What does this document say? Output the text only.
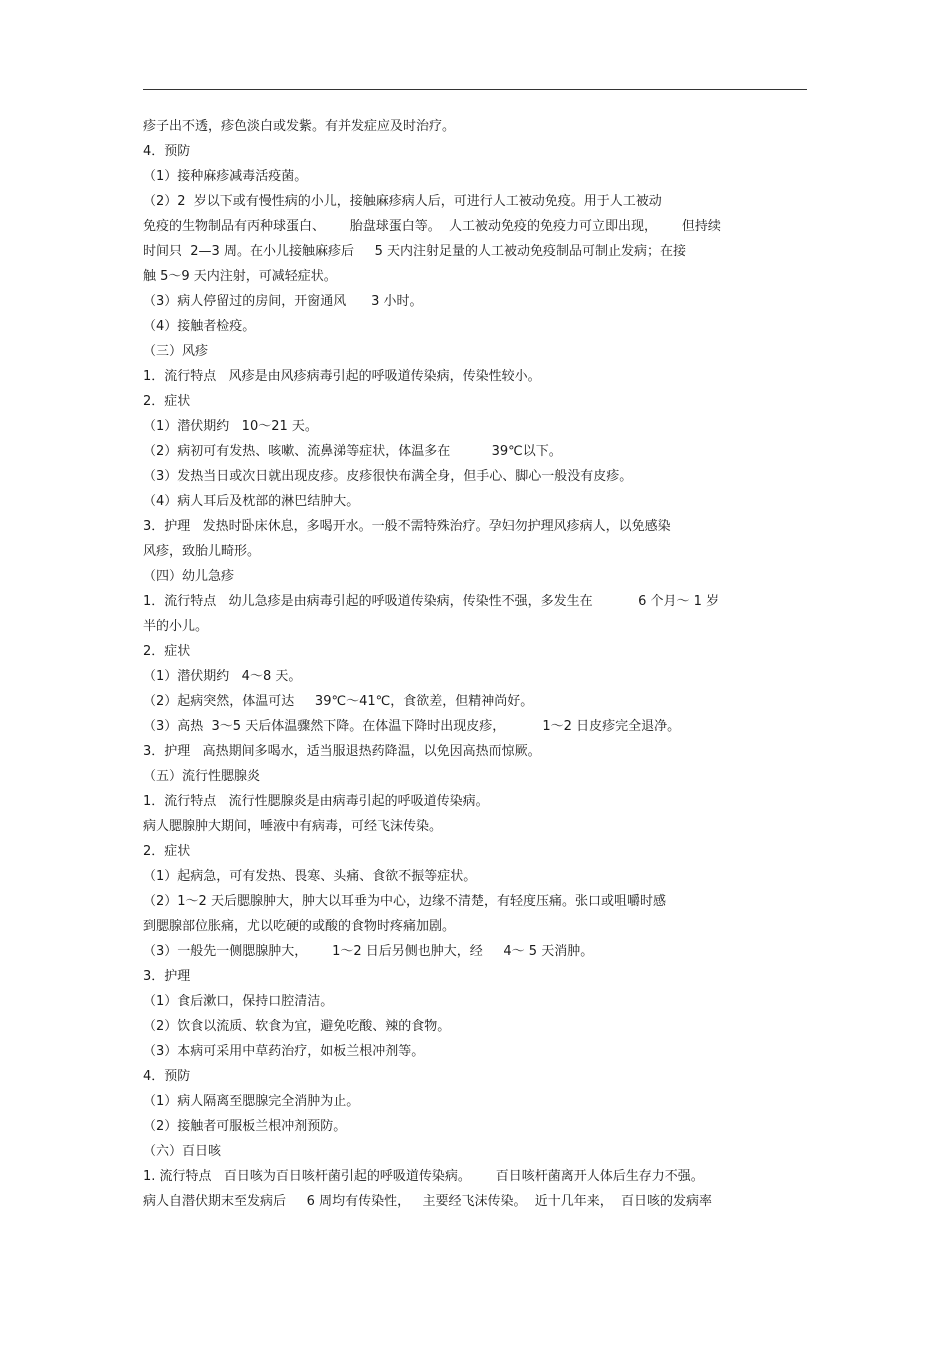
疹子出不透，疹色淡白或发紫。有并发症应及时治疗。
4．预防
（1）接种麻疹减毒活疫菌。
（2）2  岁以下或有慢性病的小儿，接触麻疹病人后，可进行人工被动免疫。用于人工被动
免疫的生物制品有丙种球蛋白、      胎盘球蛋白等。  人工被动免疫的免疫力可立即出现，      但持续
时间只  2—3 周。在小儿接触麻疹后     5 天内注射足量的人工被动免疫制品可制止发病；在接
触 5～9 天内注射，可减轻症状。
（3）病人停留过的房间，开窗通风      3 小时。
（4）接触者检疫。
（三）风疹
1．流行特点   风疹是由风疹病毒引起的呼吸道传染病，传染性较小。
2．症状
（1）潜伏期约   10～21 天。
（2）病初可有发热、咳嗽、流鼻涕等症状，体温多在          39℃以下。
（3）发热当日或次日就出现皮疹。皮疹很快布满全身，但手心、脚心一般没有皮疹。
（4）病人耳后及枕部的淋巴结肿大。
3．护理   发热时卧床休息，多喝开水。一般不需特殊治疗。孕妇勿护理风疹病人，以免感染
风疹，致胎儿畸形。
（四）幼儿急疹
1．流行特点   幼儿急疹是由病毒引起的呼吸道传染病，传染性不强，多发生在           6 个月～ 1 岁
半的小儿。
2．症状
（1）潜伏期约   4～8 天。
（2）起病突然，体温可达     39℃～41℃，食欲差，但精神尚好。
（3）高热  3～5 天后体温骤然下降。在体温下降时出现皮疹，         1～2 日皮疹完全退净。
3．护理   高热期间多喝水，适当服退热药降温，以免因高热而惊厥。
（五）流行性腮腺炎
1．流行特点   流行性腮腺炎是由病毒引起的呼吸道传染病。
病人腮腺肿大期间，唾液中有病毒，可经飞沫传染。
2．症状
（1）起病急，可有发热、畏寒、头痛、食欲不振等症状。
（2）1～2 天后腮腺肿大，肿大以耳垂为中心，边缘不清楚，有轻度压痛。张口或咀嚼时感
到腮腺部位胀痛，尤以吃硬的或酸的食物时疼痛加剧。
（3）一般先一侧腮腺肿大，      1～2 日后另侧也肿大，经     4～ 5 天消肿。
3．护理
（1）食后漱口，保持口腔清洁。
（2）饮食以流质、软食为宜，避免吃酸、辣的食物。
（3）本病可采用中草药治疗，如板兰根冲剂等。
4．预防
（1）病人隔离至腮腺完全消肿为止。
（2）接触者可服板兰根冲剂预防。
（六）百日咳
1. 流行特点   百日咳为百日咳杆菌引起的呼吸道传染病。      百日咳杆菌离开人体后生存力不强。
病人自潜伏期末至发病后     6 周均有传染性，   主要经飞沫传染。  近十几年来，  百日咳的发病率
